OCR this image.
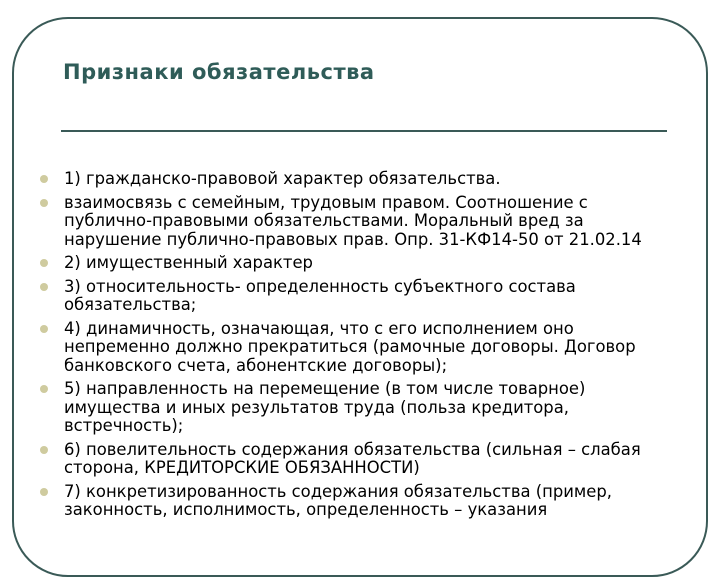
Признаки обязательства
1) гражданско-правовой характер обязательства.
взаимосвязь с семейным, трудовым правом. Соотношение с публично-правовыми обязательствами. Моральный вред за нарушение публично-правовых прав. Опр. 31-КФ14-50 от 21.02.14
2) имущественный характер
3) относительность- определенность субъектного состава обязательства;
4) динамичность, означающая, что с его исполнением оно непременно должно прекратиться (рамочные договоры. Договор банковского счета, абонентские договоры);
5) направленность на перемещение (в том числе товарное) имущества и иных результатов труда (польза кредитора, встречность);
6) повелительность содержания обязательства (сильная – слабая сторона, КРЕДИТОРСКИЕ ОБЯЗАННОСТИ)
7) конкретизированность содержания обязательства (пример, законность, исполнимость, определенность – указания
